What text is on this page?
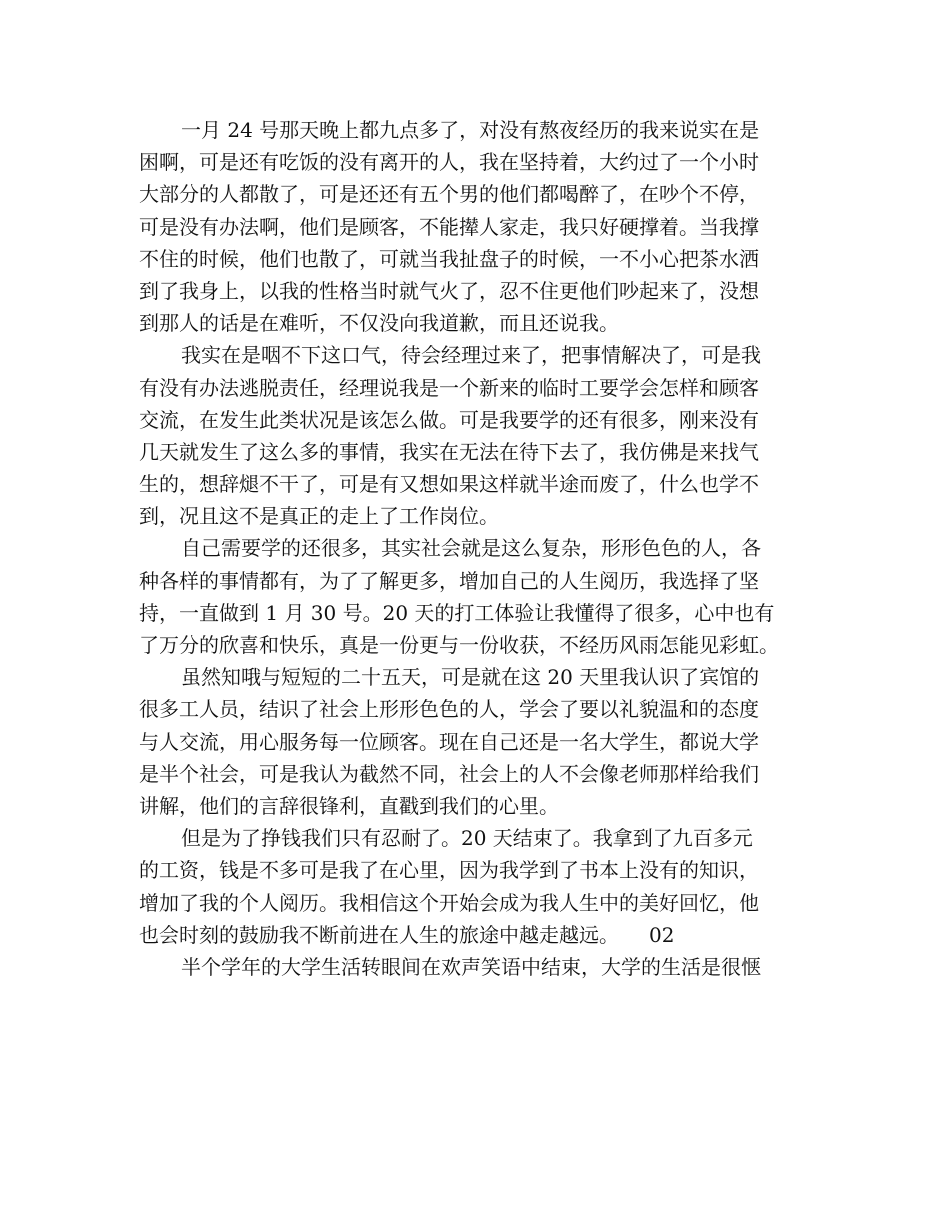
一月 24 号那天晚上都九点多了，对没有熬夜经历的我来说实在是
困啊，可是还有吃饭的没有离开的人，我在坚持着，大约过了一个小时
大部分的人都散了，可是还还有五个男的他们都喝醉了，在吵个不停，
可是没有办法啊，他们是顾客，不能撵人家走，我只好硬撑着。当我撑
不住的时候，他们也散了，可就当我扯盘子的时候，一不小心把茶水洒
到了我身上，以我的性格当时就气火了，忍不住更他们吵起来了，没想
到那人的话是在难听，不仅没向我道歉，而且还说我。
我实在是咽不下这口气，待会经理过来了，把事情解决了，可是我
有没有办法逃脱责任，经理说我是一个新来的临时工要学会怎样和顾客
交流，在发生此类状况是该怎么做。可是我要学的还有很多，刚来没有
几天就发生了这么多的事情，我实在无法在待下去了，我仿佛是来找气
生的，想辞煺不干了，可是有又想如果这样就半途而废了，什么也学不
到，况且这不是真正的走上了工作岗位。
自己需要学的还很多，其实社会就是这么复杂，形形色色的人，各
种各样的事情都有，为了了解更多，增加自己的人生阅历，我选择了坚
持，一直做到 1 月 30 号。20 天的打工体验让我懂得了很多，心中也有
了万分的欣喜和快乐，真是一份更与一份收获，不经历风雨怎能见彩虹。
虽然知哦与短短的二十五天，可是就在这 20 天里我认识了宾馆的
很多工人员，结识了社会上形形色色的人，学会了要以礼貌温和的态度
与人交流，用心服务每一位顾客。现在自己还是一名大学生，都说大学
是半个社会，可是我认为截然不同，社会上的人不会像老师那样给我们
讲解，他们的言辞很锋利，直戳到我们的心里。
但是为了挣钱我们只有忍耐了。20 天结束了。我拿到了九百多元
的工资，钱是不多可是我了在心里，因为我学到了书本上没有的知识，
增加了我的个人阅历。我相信这个开始会成为我人生中的美好回忆，他
也会时刻的鼓励我不断前进在人生的旅途中越走越远。　　02
半个学年的大学生活转眼间在欢声笑语中结束，大学的生活是很惬
